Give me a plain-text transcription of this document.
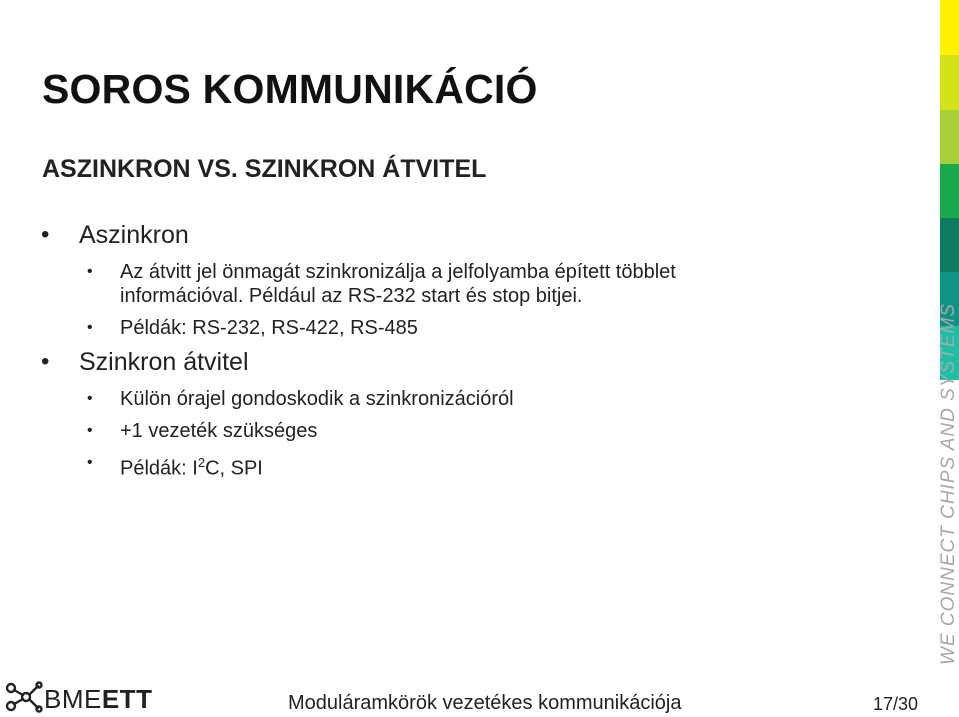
SOROS KOMMUNIKÁCIÓ
ASZINKRON VS. SZINKRON ÁTVITEL
• Aszinkron
• Az átvitt jel önmagát szinkronizálja a jelfolyamba épített többlet
információval. Például az RS-232 start és stop bitjei.
• Példák: RS-232, RS-422, RS-485
• Szinkron átvitel
• Külön órajel gondoskodik a szinkronizációról
• +1 vezeték szükséges
• Példák: $I^2C$, SPI	WE CONNECT CHIPS AND SYSTEMS
BMEETT	Moduláramkörök vezetékes kommunikációja	17/30
